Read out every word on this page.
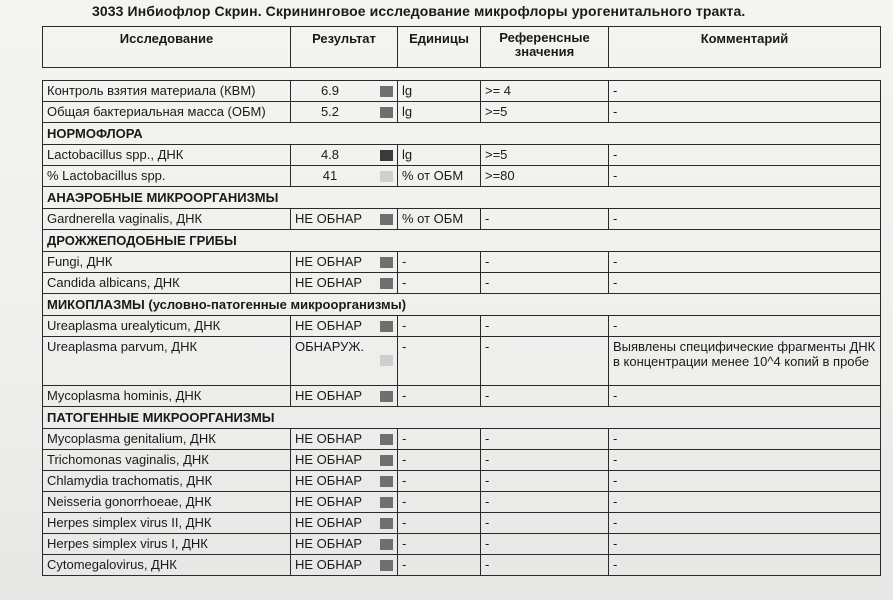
3033 Инбиофлор Скрин. Скрининговое исследование микрофлоры урогенитального тракта.
Исследование	Результат	Единицы	Референсные значения	Комментарий

Контроль взятия материала (КВМ)	6.9	lg	>= 4	-
Общая бактериальная масса (ОБМ)	5.2	lg	>=5	-
НОРМОФЛОРА				
Lactobacillus spp., ДНК	4.8	lg	>=5	-
% Lactobacillus spp.	41	% от ОБМ	>=80	-
АНАЭРОБНЫЕ МИКРООРГАНИЗМЫ				
Gardnerella vaginalis, ДНК	НЕ ОБНАР	% от ОБМ	-	-
ДРОЖЖЕПОДОБНЫЕ ГРИБЫ				
Fungi, ДНК	НЕ ОБНАР	-	-	-
Candida albicans, ДНК	НЕ ОБНАР	-	-	-
МИКОПЛАЗМЫ (условно-патогенные микроорганизмы)				
Ureaplasma urealyticum, ДНК	НЕ ОБНАР	-	-	-
Ureaplasma parvum, ДНК	ОБНАРУЖ.	-	-	Выявлены специфические фрагменты ДНК в концентрации менее 10^4 копий в пробе
Mycoplasma hominis, ДНК	НЕ ОБНАР	-	-	-
ПАТОГЕННЫЕ МИКРООРГАНИЗМЫ				
Mycoplasma genitalium, ДНК	НЕ ОБНАР	-	-	-
Trichomonas vaginalis, ДНК	НЕ ОБНАР	-	-	-
Chlamydia trachomatis, ДНК	НЕ ОБНАР	-	-	-
Neisseria gonorrhoeae, ДНК	НЕ ОБНАР	-	-	-
Herpes simplex virus II, ДНК	НЕ ОБНАР	-	-	-
Herpes simplex virus I, ДНК	НЕ ОБНАР	-	-	-
Cytomegalovirus, ДНК	НЕ ОБНАР	-	-	-
